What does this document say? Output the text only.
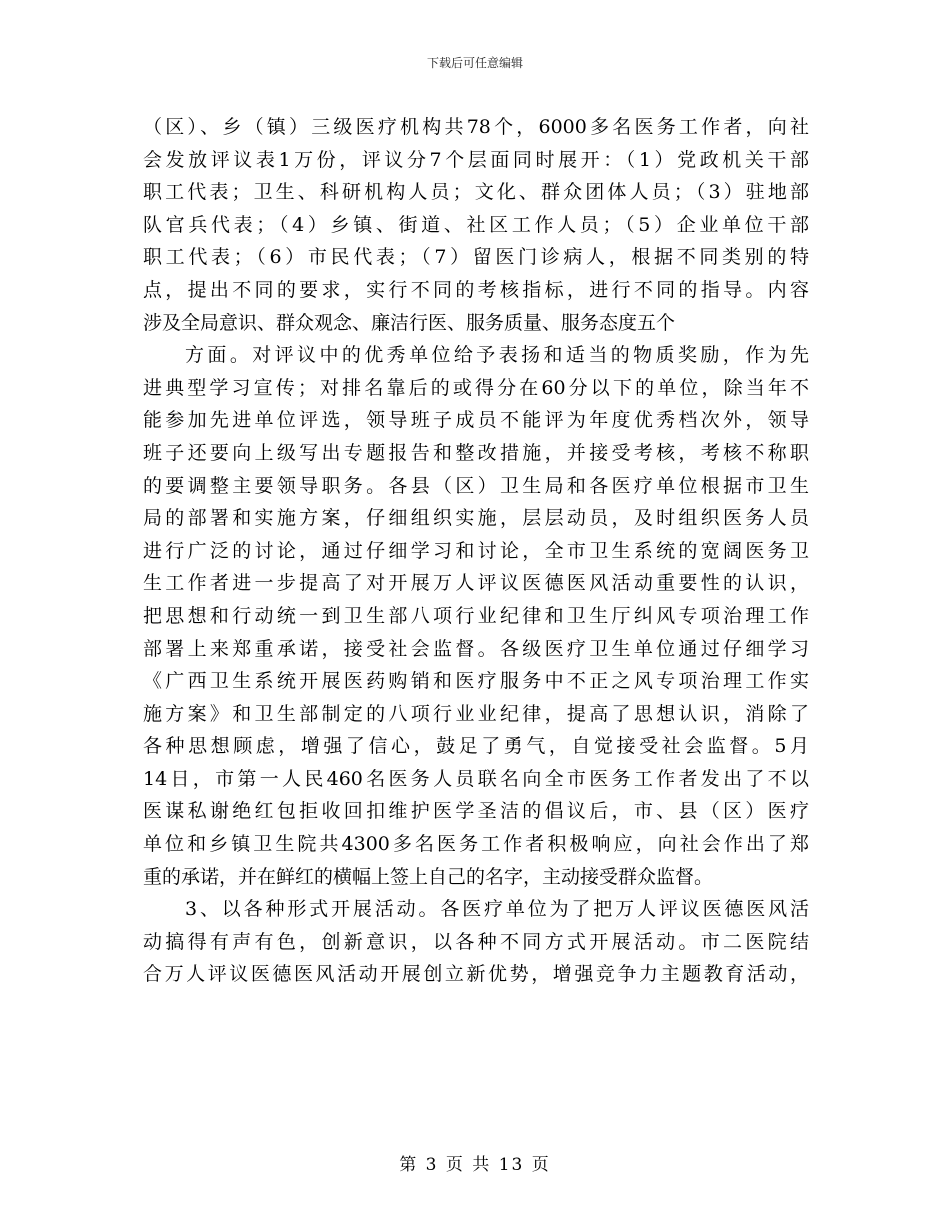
下载后可任意编辑
（区）、乡（镇）三级医疗机构共78个，6000多名医务工作者，向社
会发放评议表1万份，评议分7个层面同时展开：（1）党政机关干部
职工代表；卫生、科研机构人员；文化、群众团体人员；（3）驻地部
队官兵代表；（4）乡镇、街道、社区工作人员；（5）企业单位干部
职工代表；（6）市民代表；（7）留医门诊病人，根据不同类别的特
点，提出不同的要求，实行不同的考核指标，进行不同的指导。内容
涉及全局意识、群众观念、廉洁行医、服务质量、服务态度五个
方面。对评议中的优秀单位给予表扬和适当的物质奖励，作为先
进典型学习宣传；对排名靠后的或得分在60分以下的单位，除当年不
能参加先进单位评选，领导班子成员不能评为年度优秀档次外，领导
班子还要向上级写出专题报告和整改措施，并接受考核，考核不称职
的要调整主要领导职务。各县（区）卫生局和各医疗单位根据市卫生
局的部署和实施方案，仔细组织实施，层层动员，及时组织医务人员
进行广泛的讨论，通过仔细学习和讨论，全市卫生系统的宽阔医务卫
生工作者进一步提高了对开展万人评议医德医风活动重要性的认识，
把思想和行动统一到卫生部八项行业纪律和卫生厅纠风专项治理工作
部署上来郑重承诺，接受社会监督。各级医疗卫生单位通过仔细学习
《广西卫生系统开展医药购销和医疗服务中不正之风专项治理工作实
施方案》和卫生部制定的八项行业业纪律，提高了思想认识，消除了
各种思想顾虑，增强了信心，鼓足了勇气，自觉接受社会监督。5月
14日，市第一人民460名医务人员联名向全市医务工作者发出了不以
医谋私谢绝红包拒收回扣维护医学圣洁的倡议后，市、县（区）医疗
单位和乡镇卫生院共4300多名医务工作者积极响应，向社会作出了郑
重的承诺，并在鲜红的横幅上签上自己的名字，主动接受群众监督。
3、以各种形式开展活动。各医疗单位为了把万人评议医德医风活
动搞得有声有色，创新意识，以各种不同方式开展活动。市二医院结
合万人评议医德医风活动开展创立新优势，增强竞争力主题教育活动，
第 3 页 共 13 页
